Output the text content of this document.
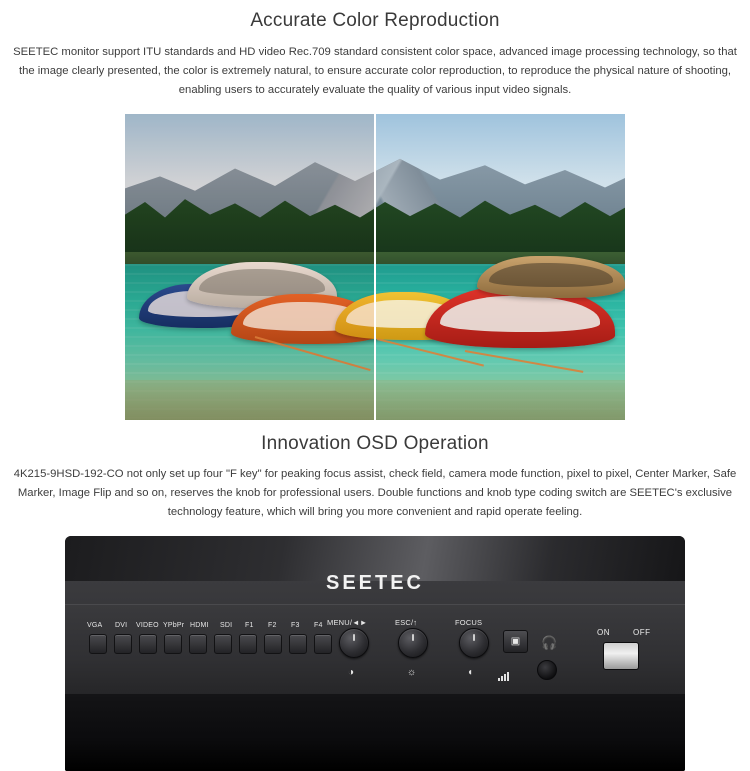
Accurate Color Reproduction

SEETEC monitor support ITU standards and HD video Rec.709 standard consistent color space, advanced image processing technology, so that the image clearly presented, the color is extremely natural, to ensure accurate color reproduction, to reproduce the physical nature of shooting, enabling users to accurately evaluate the quality of various input video signals.

Innovation OSD Operation

4K215-9HSD-192-CO not only set up four "F key" for peaking focus assist, check field, camera mode function, pixel to pixel, Center Marker, Safe Marker, Image Flip and so on, reserves the knob for professional users. Double functions and knob type coding switch are SEETEC's exclusive technology feature, which will bring you more convenient and rapid operate feeling.

SEETEC
VGA DVI VIDEO YPbPr HDMI SDI F1 F2 F3 F4 MENU/◄►	ESC/↑	FOCUS
◑	☼	◖
▣ 🎧
ON	OFF
